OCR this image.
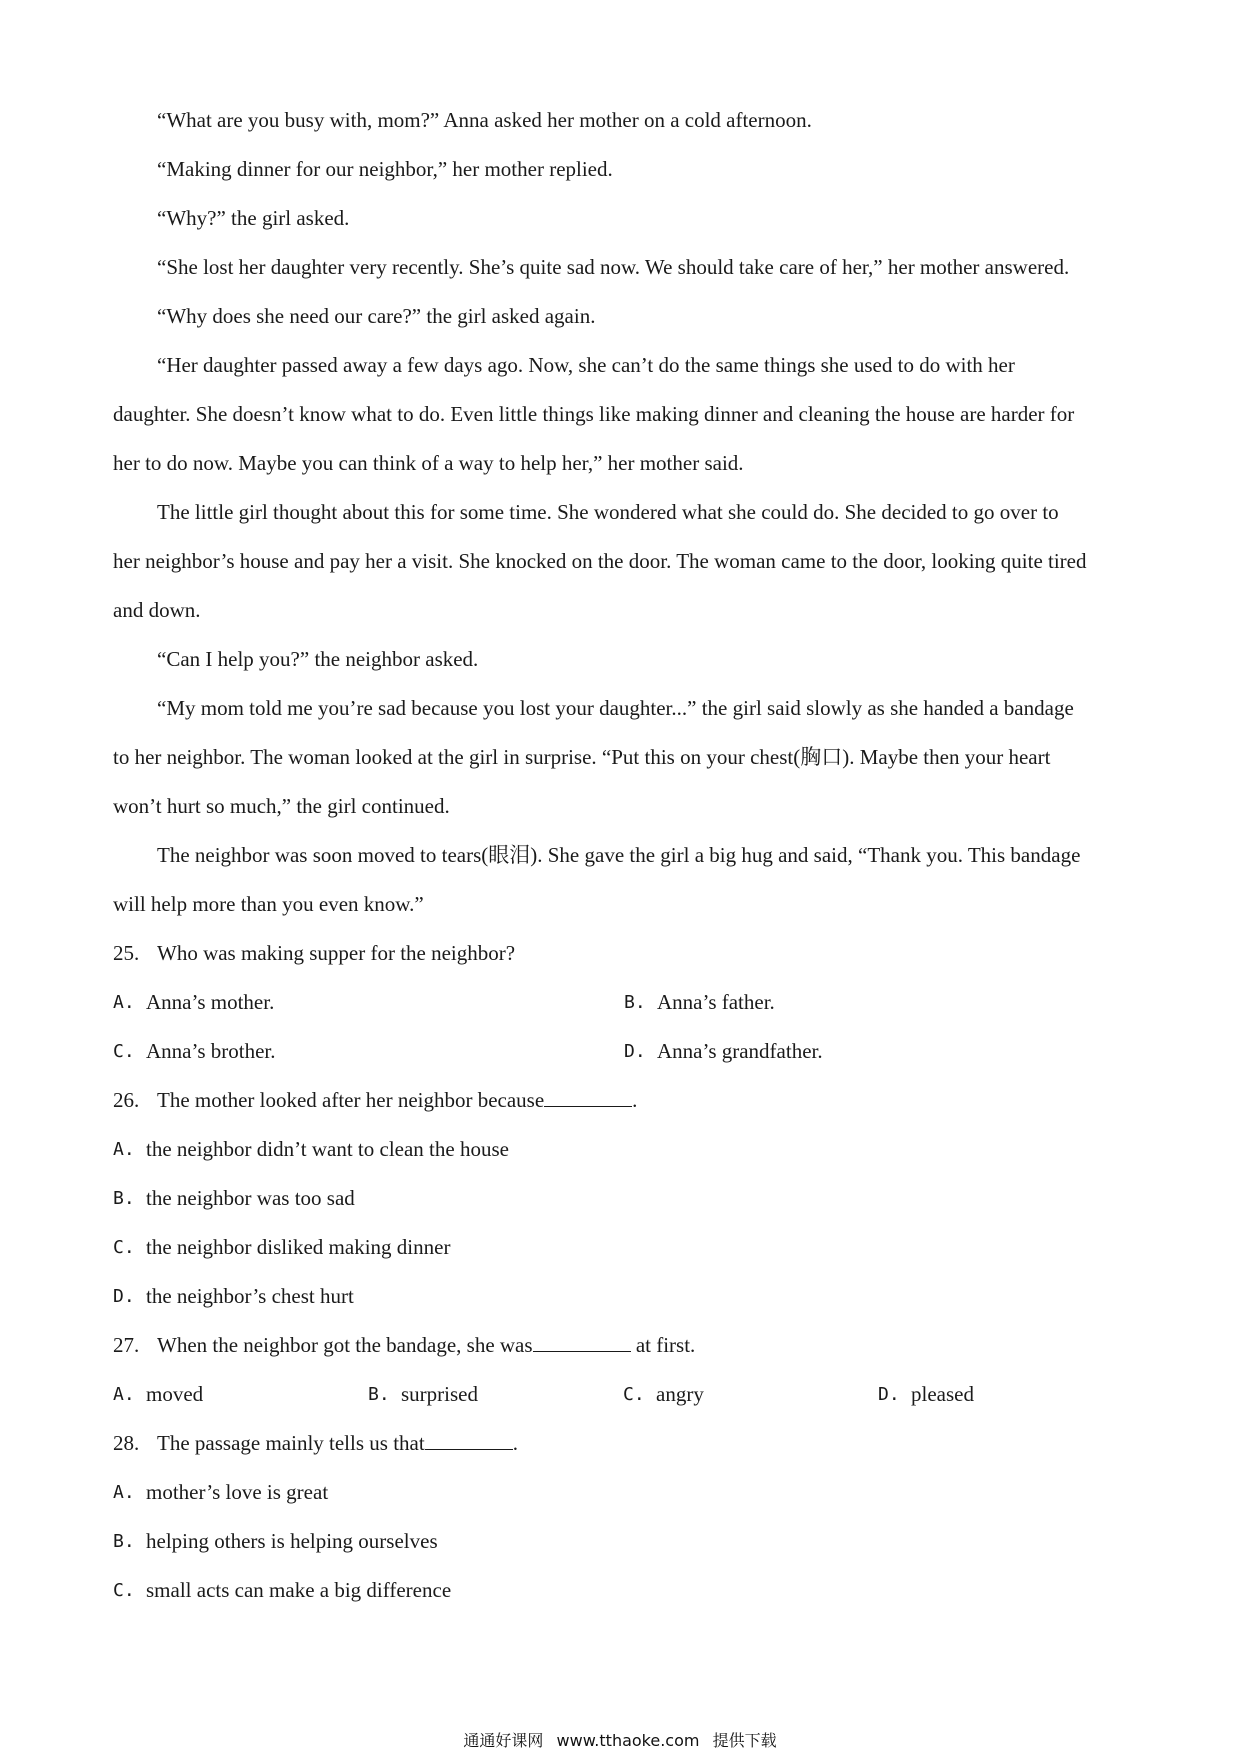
“What are you busy with, mom?” Anna asked her mother on a cold afternoon.
“Making dinner for our neighbor,” her mother replied.
“Why?” the girl asked.
“She lost her daughter very recently. She’s quite sad now. We should take care of her,” her mother answered.
“Why does she need our care?” the girl asked again.
“Her daughter passed away a few days ago. Now, she can’t do the same things she used to do with her
daughter. She doesn’t know what to do. Even little things like making dinner and cleaning the house are harder for
her to do now. Maybe you can think of a way to help her,” her mother said.
The little girl thought about this for some time. She wondered what she could do. She decided to go over to
her neighbor’s house and pay her a visit. She knocked on the door. The woman came to the door, looking quite tired
and down.
“Can I help you?” the neighbor asked.
“My mom told me you’re sad because you lost your daughter...” the girl said slowly as she handed a bandage
to her neighbor. The woman looked at the girl in surprise. “Put this on your chest(胸口). Maybe then your heart
won’t hurt so much,” the girl continued.
The neighbor was soon moved to tears(眼泪). She gave the girl a big hug and said, “Thank you. This bandage
will help more than you even know.”
25. Who was making supper for the neighbor?
A. Anna’s mother.	B. Anna’s father.
C. Anna’s brother.	D. Anna’s grandfather.
26. The mother looked after her neighbor because	.
A. the neighbor didn’t want to clean the house
B. the neighbor was too sad
C. the neighbor disliked making dinner
D. the neighbor’s chest hurt
27. When the neighbor got the bandage, she was	at first.
A. moved	B. surprised	C. angry	D. pleased
28. The passage mainly tells us that	.
A. mother’s love is great
B. helping others is helping ourselves
C. small acts can make a big difference
通通好课网 www.tthaoke.com 提供下载
